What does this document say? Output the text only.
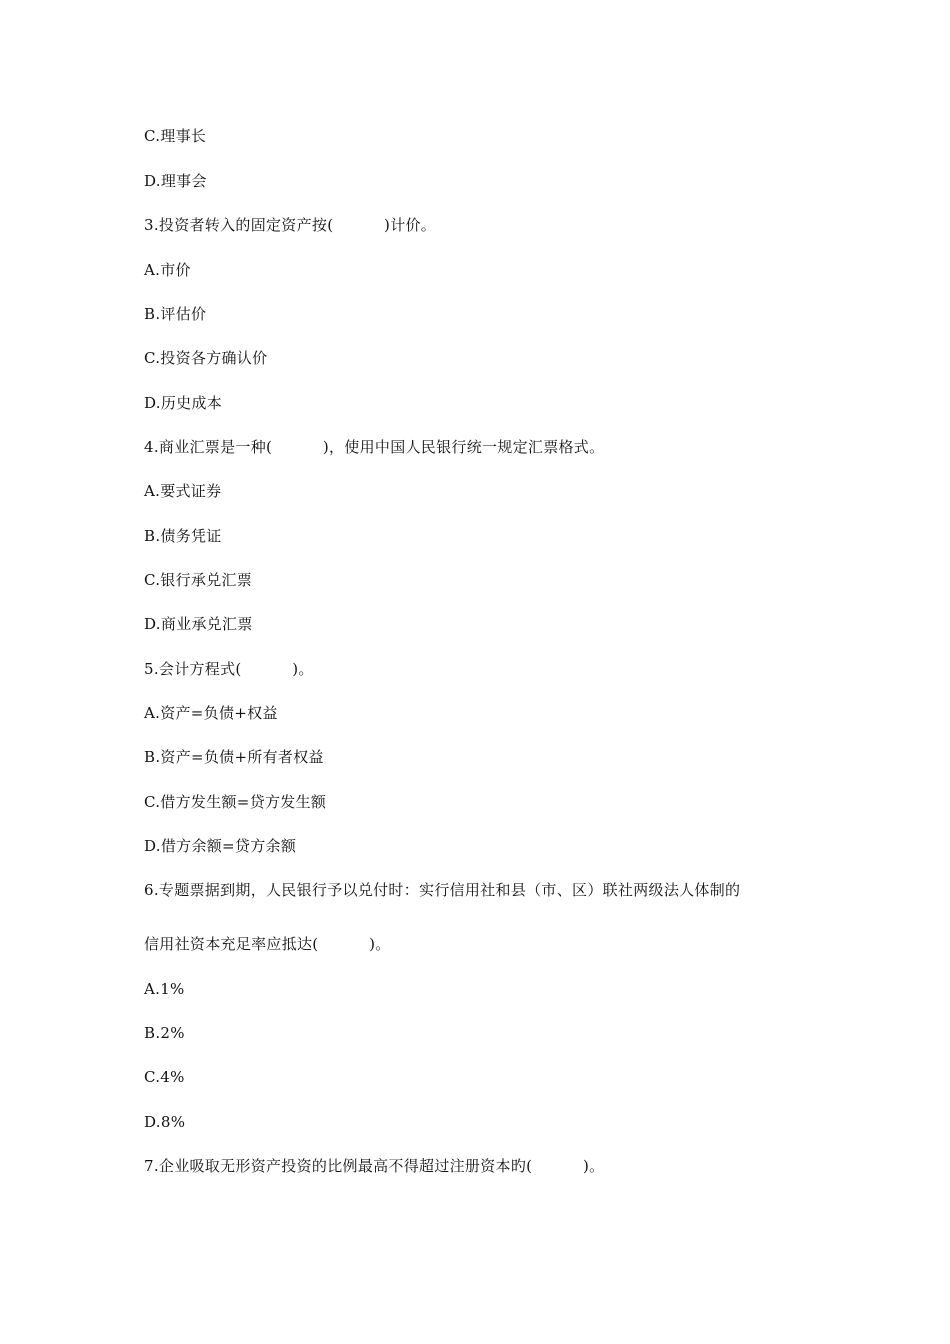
C.理事长
D.理事会
3.投资者转入的固定资产按(          )计价。
A.市价
B.评估价
C.投资各方确认价
D.历史成本
4.商业汇票是一种(          )，使用中国人民银行统一规定汇票格式。
A.要式证券
B.债务凭证
C.银行承兑汇票
D.商业承兑汇票
5.会计方程式(          )。
A.资产=负债+权益
B.资产=负债+所有者权益
C.借方发生额=贷方发生额
D.借方余额=贷方余额
6.专题票据到期，人民银行予以兑付时：实行信用社和县（市、区）联社两级法人体制的
信用社资本充足率应抵达(          )。
A.1%
B.2%
C.4%
D.8%
7.企业吸取无形资产投资的比例最高不得超过注册资本旳(          )。
